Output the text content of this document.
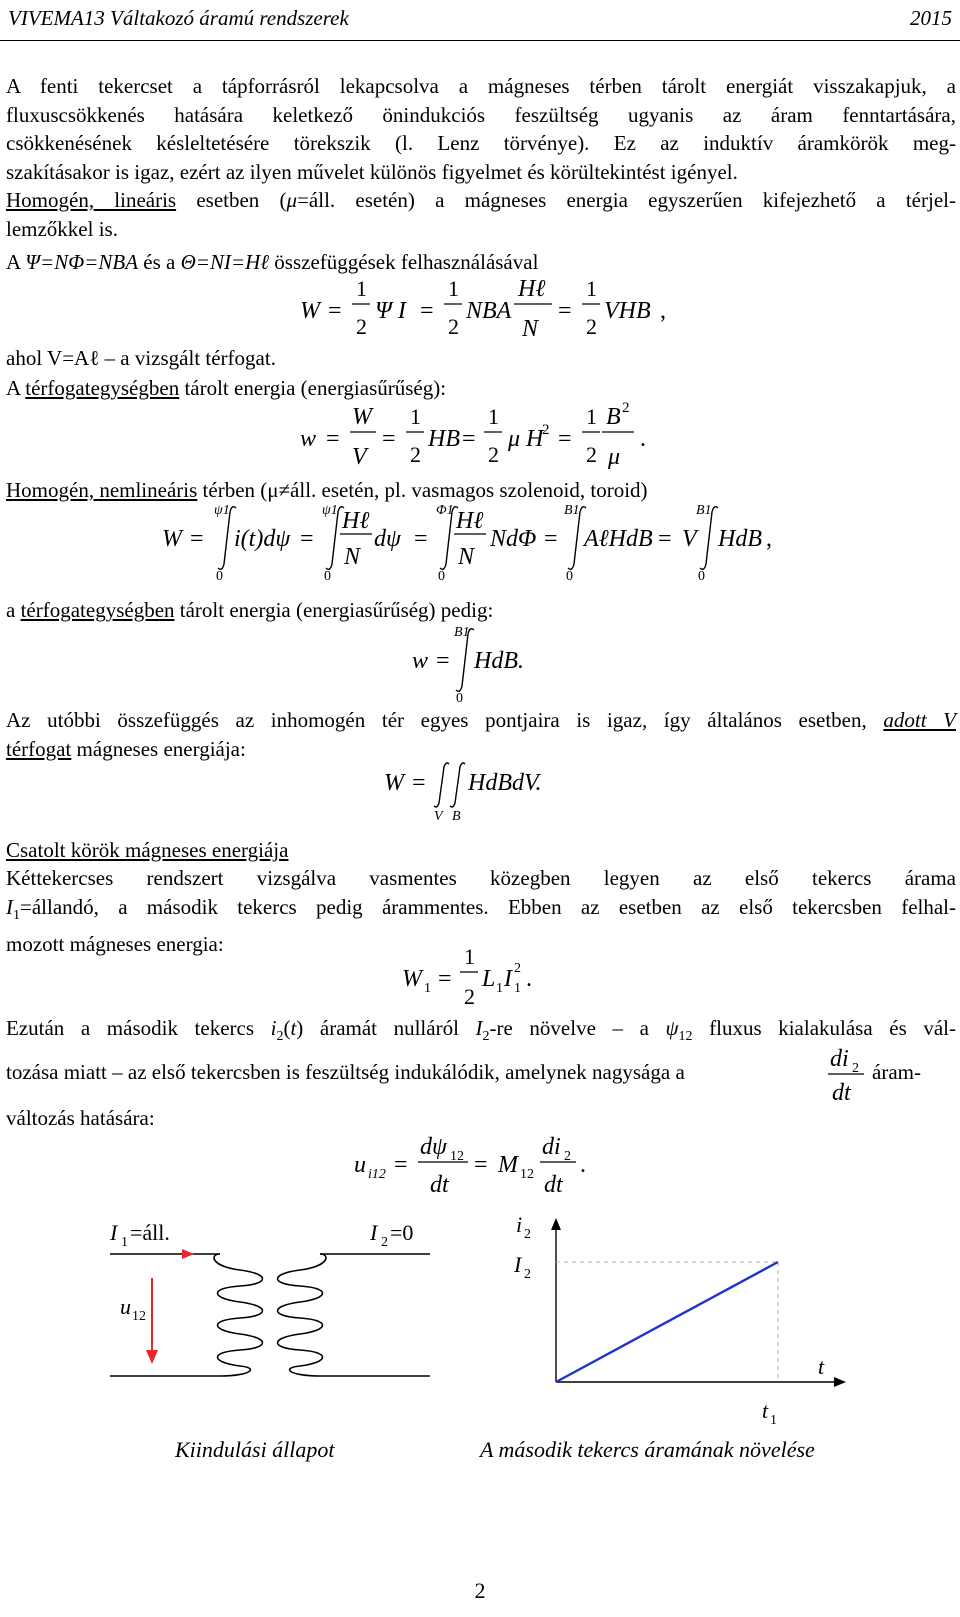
VIVEMA13 Váltakozó áramú rendszerek	2015
A fenti tekercset a tápforrásról lekapcsolva a mágneses térben tárolt energiát visszakapjuk, a
fluxuscsökkenés hatására keletkező önindukciós feszültség ugyanis az áram fenntartására,
csökkenésének késleltetésére törekszik (l. Lenz törvénye). Ez az induktív áramkörök meg-
szakításakor is igaz, ezért az ilyen művelet különös figyelmet és körültekintést igényel.
Homogén, lineáris esetben (μ=áll. esetén) a mágneses energia egyszerűen kifejezhető a térjel-
lemzőkkel is.
A Ψ=NΦ=NBA és a Θ=NI=Hℓ összefüggések felhasználásával
W =
1
2
Ψ I =
1
2
NBA
Hℓ
N
=
1
2
VHB ,
ahol V=Aℓ – a vizsgált térfogat.
A térfogategységben tárolt energia (energiasűrűség):
w =
W
V
=
1
2
HB =
1
2
μ H
2 =
1
2
B 2
μ
.
Homogén, nemlineáris térben (μ≠áll. esetén, pl. vasmagos szolenoid, toroid)
W =
ψ1
0
i(t)dψ =
ψ1
0
Hℓ
N
dψ =
Φ1
0
Hℓ
N
NdΦ =
B1
0
AℓHdB = V
B1
0
HdB ,
a térfogategységben tárolt energia (energiasűrűség) pedig:
w =
B1
0
HdB.
Az utóbbi összefüggés az inhomogén tér egyes pontjaira is igaz, így általános esetben, adott V
térfogat mágneses energiája:
W =
V B
HdBdV.
Csatolt körök mágneses energiája
Kéttekercses rendszert vizsgálva vasmentes közegben legyen az első tekercs árama
$I_1=állandó$, a második tekercs pedig árammentes. Ebben az esetben az első tekercsben felhal-
mozott mágneses energia:
W 1 =
1
2
L 1 I 1
2 .
Ezután a második tekercs $i_2(t)$ áramát nulláról $I_2-re$ növelve – a $\psi_{12}$ fluxus kialakulása és vál-
tozása miatt – az első tekercsben is feszültség indukálódik, amelynek nagysága a	di 2
dt
áram-
változás hatására:
u i12 =
dψ 12
dt
= M 12
di 2
dt
.
I 1 =áll.	I 2 =0
u 12
i 2
I 2
t
t 1
Kiindulási állapot	A második tekercs áramának növelése
2
